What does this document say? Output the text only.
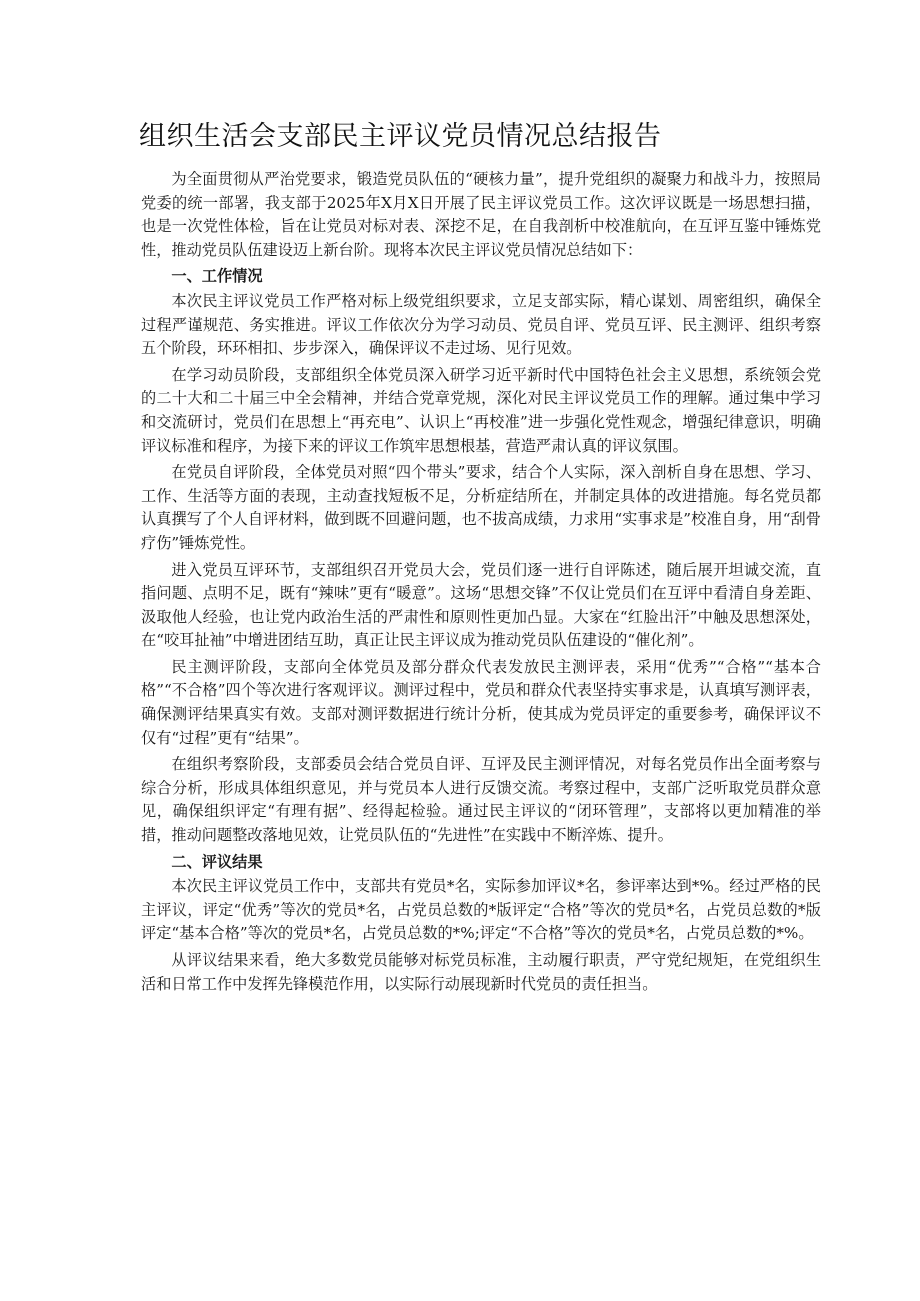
组织生活会支部民主评议党员情况总结报告

为全面贯彻从严治党要求，锻造党员队伍的“硬核力量”，提升党组织的凝聚力和战斗力，按照局党委的统一部署，我支部于2025年X月X日开展了民主评议党员工作。这次评议既是一场思想扫描，也是一次党性体检，旨在让党员对标对表、深挖不足，在自我剖析中校准航向，在互评互鉴中锤炼党性，推动党员队伍建设迈上新台阶。现将本次民主评议党员情况总结如下：

一、工作情况

本次民主评议党员工作严格对标上级党组织要求，立足支部实际，精心谋划、周密组织，确保全过程严谨规范、务实推进。评议工作依次分为学习动员、党员自评、党员互评、民主测评、组织考察五个阶段，环环相扣、步步深入，确保评议不走过场、见行见效。

在学习动员阶段，支部组织全体党员深入研学习近平新时代中国特色社会主义思想，系统领会党的二十大和二十届三中全会精神，并结合党章党规，深化对民主评议党员工作的理解。通过集中学习和交流研讨，党员们在思想上“再充电”、认识上“再校准”进一步强化党性观念，增强纪律意识，明确评议标准和程序，为接下来的评议工作筑牢思想根基，营造严肃认真的评议氛围。

在党员自评阶段，全体党员对照“四个带头”要求，结合个人实际，深入剖析自身在思想、学习、工作、生活等方面的表现，主动查找短板不足，分析症结所在，并制定具体的改进措施。每名党员都认真撰写了个人自评材料，做到既不回避问题，也不拔高成绩，力求用“实事求是”校准自身，用“刮骨疗伤”锤炼党性。

进入党员互评环节，支部组织召开党员大会，党员们逐一进行自评陈述，随后展开坦诚交流，直指问题、点明不足，既有“辣味”更有“暖意”。这场“思想交锋”不仅让党员们在互评中看清自身差距、汲取他人经验，也让党内政治生活的严肃性和原则性更加凸显。大家在“红脸出汗”中触及思想深处，在“咬耳扯袖”中增进团结互助，真正让民主评议成为推动党员队伍建设的“催化剂”。

民主测评阶段，支部向全体党员及部分群众代表发放民主测评表，采用“优秀”“合格”“基本合格”“不合格”四个等次进行客观评议。测评过程中，党员和群众代表坚持实事求是，认真填写测评表，确保测评结果真实有效。支部对测评数据进行统计分析，使其成为党员评定的重要参考，确保评议不仅有“过程”更有“结果”。

在组织考察阶段，支部委员会结合党员自评、互评及民主测评情况，对每名党员作出全面考察与综合分析，形成具体组织意见，并与党员本人进行反馈交流。考察过程中，支部广泛听取党员群众意见，确保组织评定“有理有据”、经得起检验。通过民主评议的“闭环管理”，支部将以更加精准的举措，推动问题整改落地见效，让党员队伍的“先进性”在实践中不断淬炼、提升。

二、评议结果

本次民主评议党员工作中，支部共有党员*名，实际参加评议*名，参评率达到*%。经过严格的民主评议，评定“优秀”等次的党员*名，占党员总数的*版评定“合格”等次的党员*名，占党员总数的*版评定“基本合格”等次的党员*名，占党员总数的*%;评定“不合格”等次的党员*名，占党员总数的*%。

从评议结果来看，绝大多数党员能够对标党员标准，主动履行职责，严守党纪规矩，在党组织生活和日常工作中发挥先锋模范作用，以实际行动展现新时代党员的责任担当。
